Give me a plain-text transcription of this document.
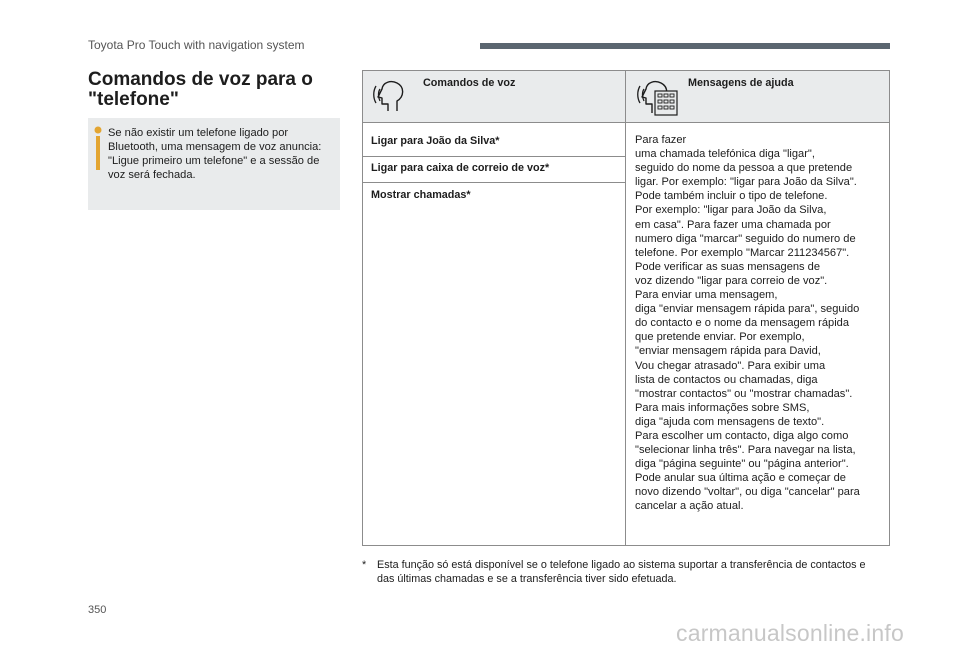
Toyota Pro Touch with navigation system
Comandos de voz para o "telefone"
Se não existir um telefone ligado por Bluetooth, uma mensagem de voz anuncia: "Ligue primeiro um telefone" e a sessão de voz será fechada.
Comandos de voz	Mensagens de ajuda
Ligar para João da Silva*
Ligar para caixa de correio de voz*
Mostrar chamadas*
Para fazer
uma chamada telefónica diga "ligar",
seguido do nome da pessoa a que pretende
ligar. Por exemplo: "ligar para João da Silva".
Pode também incluir o tipo de telefone.
Por exemplo: "ligar para João da Silva,
em casa". Para fazer uma chamada por
numero diga "marcar" seguido do numero de
telefone. Por exemplo "Marcar 211234567".
Pode verificar as suas mensagens de
voz dizendo "ligar para correio de voz".
Para enviar uma mensagem,
diga "enviar mensagem rápida para", seguido
do contacto e o nome da mensagem rápida
que pretende enviar. Por exemplo,
"enviar mensagem rápida para David,
Vou chegar atrasado". Para exibir uma
lista de contactos ou chamadas, diga
"mostrar contactos" ou "mostrar chamadas".
Para mais informações sobre SMS,
diga "ajuda com mensagens de texto".
Para escolher um contacto, diga algo como
"selecionar linha três". Para navegar na lista,
diga "página seguinte" ou "página anterior".
Pode anular sua última ação e começar de
novo dizendo "voltar", ou diga "cancelar" para
cancelar a ação atual.
* Esta função só está disponível se o telefone ligado ao sistema suportar a transferência de contactos e das últimas chamadas e se a transferência tiver sido efetuada.
350
carmanualsonline.info
